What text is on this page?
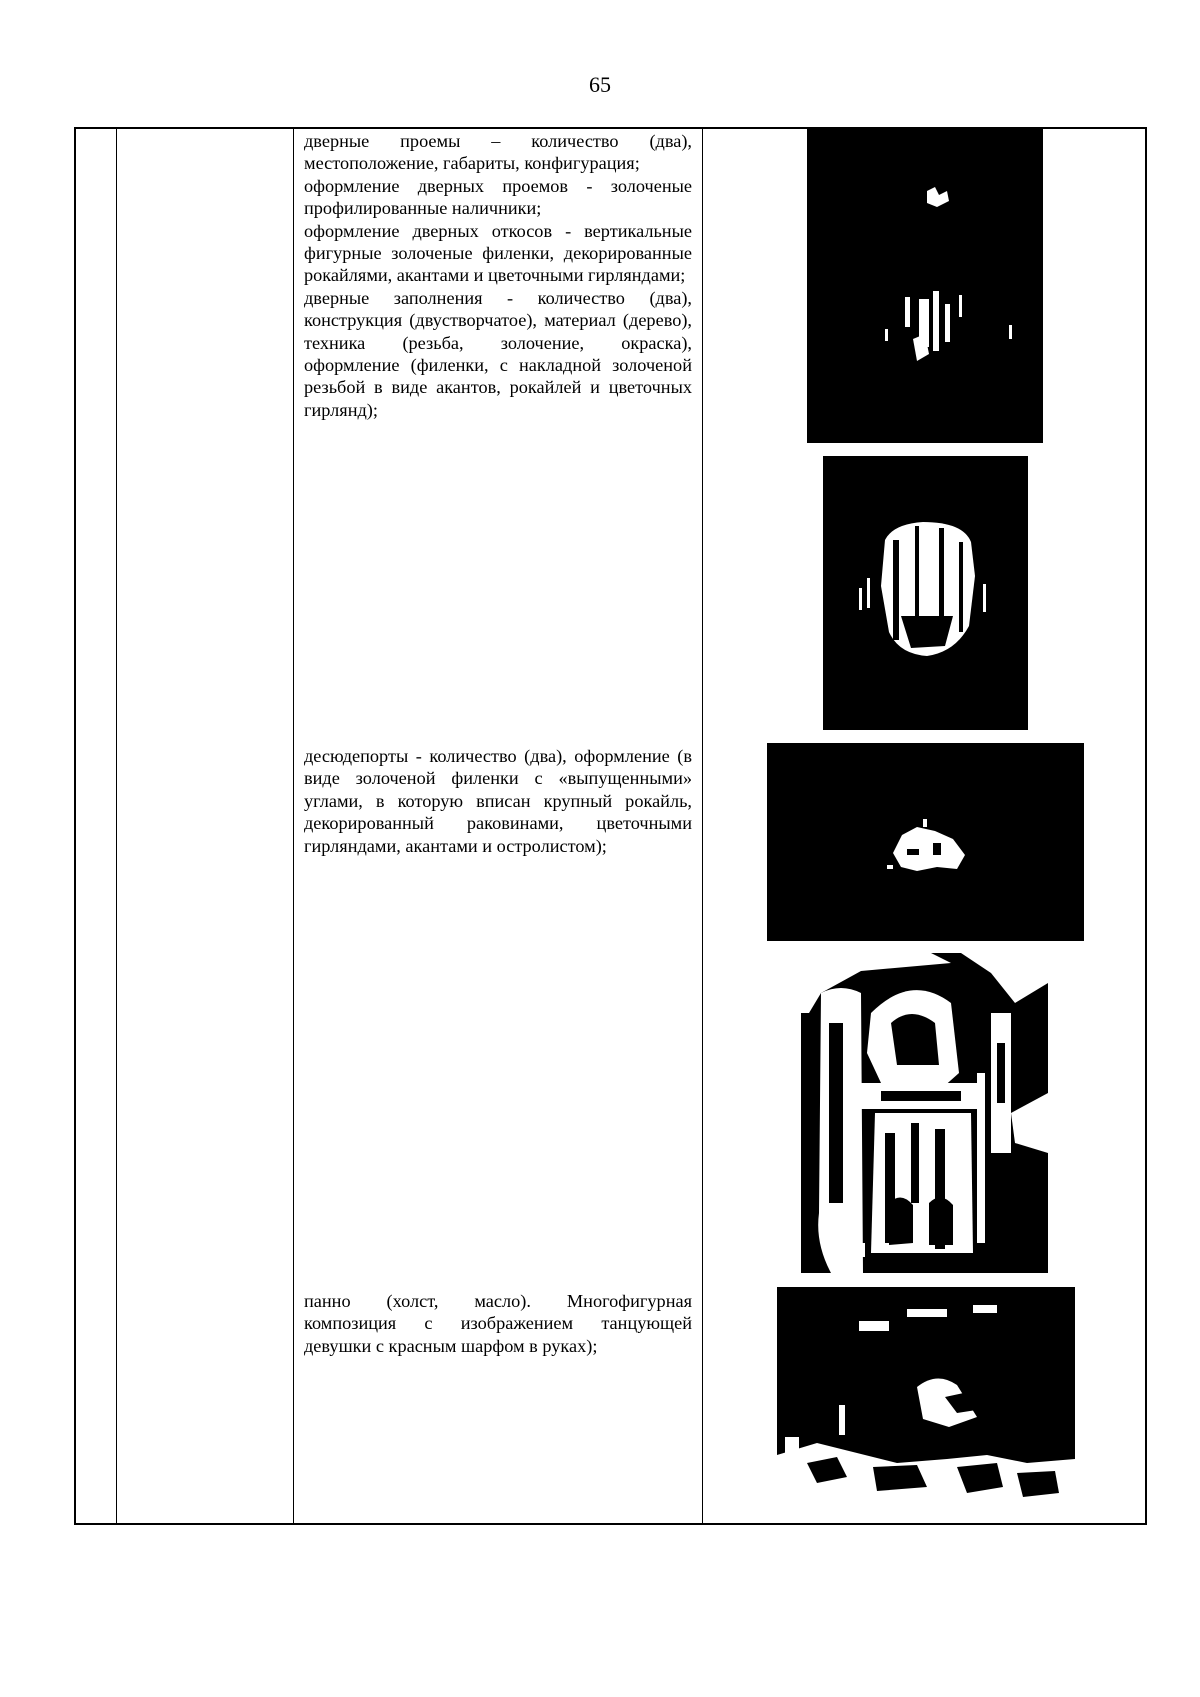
65

дверные проемы – количество (два), местоположение, габариты, конфигурация;

оформление дверных проемов - золоченые профилированные наличники;

оформление дверных откосов - вертикальные фигурные золоченые филенки, декорированные рокайлями, акантами и цветочными гирляндами;

дверные заполнения - количество (два), конструкция (двустворчатое), материал (дерево), техника (резьба, золочение, окраска), оформление (филенки, с накладной золоченой резьбой в виде акантов, рокайлей и цветочных гирлянд);

десюдепорты - количество (два), оформление (в виде золоченой филенки с «выпущенными» углами, в которую вписан крупный рокайль, декорированный раковинами, цветочными гирляндами, акантами и остролистом);

панно (холст, масло). Многофигурная композиция с изображением танцующей девушки с красным шарфом в руках);
